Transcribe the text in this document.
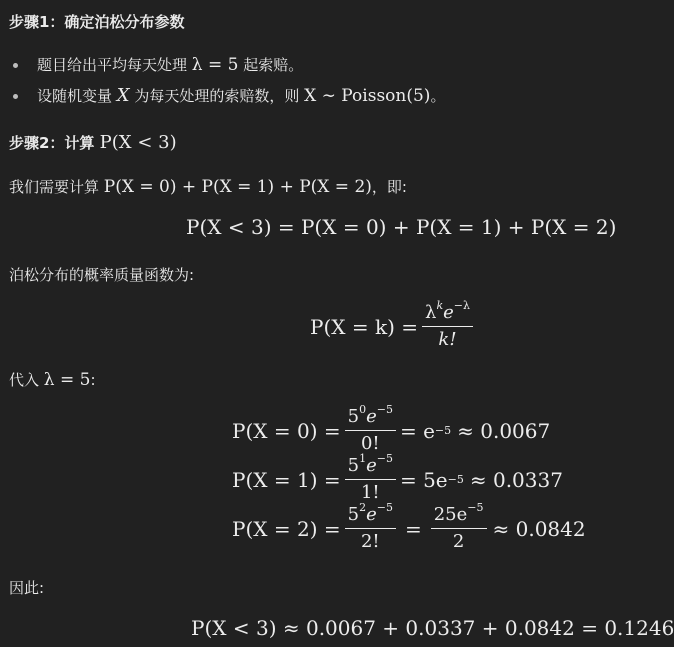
步骤1：确定泊松分布参数
题目给出平均每天处理 λ = 5 起索赔。
设随机变量 X 为每天处理的索赔数，则 X ∼ Poisson(5)。
步骤2：计算 P(X < 3)
我们需要计算 P(X = 0) + P(X = 1) + P(X = 2)，即:
P(X < 3) = P(X = 0) + P(X = 1) + P(X = 2)
泊松分布的概率质量函数为:
$P(X = k) = \frac{\lambda^ke^{-\lambda}}{k!}$
代入 λ = 5:
$P(X = 0) = \frac{5^0e^{-5}}{0!} = e -5 \approx 0.0067$
$P(X = 1) = \frac{5^1e^{-5}}{1!} = 5e -5 \approx 0.0337$
$P(X = 2) = \frac{5^2e^{-5}}{2!} = \frac{25e^{-5}}{2} \approx 0.0842$
因此:
P(X < 3) ≈ 0.0067 + 0.0337 + 0.0842 = 0.1246
